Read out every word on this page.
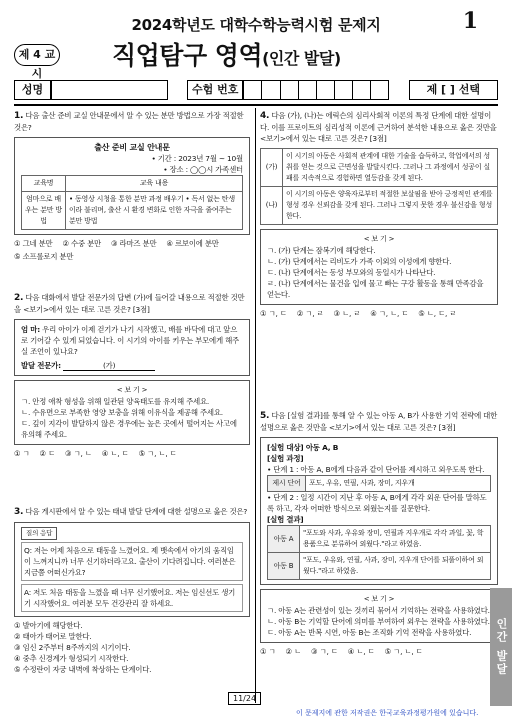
2024학년도 대학수학능력시험 문제지	1
제 4 교시
직업탐구 영역(인간 발달)
성명	수험 번호	제 [ ] 선택
1. 다음 출산 준비 교실 안내문에서 알 수 있는 분만 방법으로 가장 적절한 것은?
출산 준비 교실 안내문
• 기간 : 2023년 7월 ~ 10월
• 장소 : ◯◯시 가족센터
교육명	교육 내용
엄마으로 배우는 분만 방법	• 동영상 시청을 통한 분만 과정 배우기 • 독서 없는 탄생이라 불리며, 출산 시 환경 변화로 인한 자극을 줄여주는 분만 방법
① 그네 분만 ② 수중 분만 ③ 라마즈 분만 ④ 르보이에 분만
⑤ 소프롤로지 분만
2. 다음 대화에서 발달 전문가의 답변 (가)에 들어갈 내용으로 적절한 것만을 <보기>에서 있는 대로 고른 것은? [3점]
엄 마: 우리 아이가 이제 걷기가 나기 시작했고, 배를 바닥에 대고 앞으로 기어갈 수 있게 되었습니다. 이 시기의 아이를 키우는 부모에게 해주실 조언이 있나요?
발달 전문가:	(가)
< 보 기 >
ㄱ. 안정 애착 형성을 위해 일관된 양육태도를 유지해 주세요.
ㄴ. 수유면으로 부족한 영양 보충을 위해 이유식을 제공해 주세요.
ㄷ. 깊이 지각이 발달하지 않은 경우에는 높은 곳에서 떨어지는 사고에 유의해 주세요.
① ㄱ ② ㄷ ③ ㄱ, ㄴ ④ ㄴ, ㄷ ⑤ ㄱ, ㄴ, ㄷ
3. 다음 게시판에서 알 수 있는 태내 발달 단계에 대한 설명으로 옳은 것은?
질의 응답
Q: 저는 어제 처음으로 태동을 느꼈어요. 제 뱃속에서 아기의 움직임이 느껴지니까 너무 신기하더라고요. 출산이 기다려집니다. 여러분은 지금쯤 어떠신가요?
A: 저도 처음 태동을 느꼈을 때 너무 신기했어요. 저는 임신선도 생기기 시작했어요. 여러분 모두 건강관리 잘 하세요.
① 발아기에 해당한다.
② 태아가 태어로 말한다.
③ 임신 2주부터 8주까지의 시기이다.
④ 중추 신경계가 형성되기 시작한다.
⑤ 수정란이 자궁 내벽에 착상하는 단계이다.
4. 다음 (가), (나)는 에릭슨의 심리사회적 이론의 특정 단계에 대한 설명이다. 이를 프로이트의 심리성적 이론에 근거하여 분석한 내용으로 옳은 것만을 <보기>에서 있는 대로 고른 것은? [3점]
(가)	이 시기의 아동은 사회적 관계에 대한 기술을 습득하고, 학업에서의 성취를 얻는 것으로 근면성을 발달시킨다. 그러나 그 과정에서 성공이 실패를 지속적으로 경험하면 열등감을 갖게 된다.
(나)	이 시기의 아동은 양육자로부터 적절한 보살핌을 받아 긍정적인 관계를 형성 경우 신뢰감을 갖게 된다. 그러나 그렇지 못한 경우 불신감을 형성한다.
< 보 기 >
ㄱ. (가) 단계는 잠복기에 해당한다.
ㄴ. (가) 단계에서는 리비도가 가족 이외의 이성에게 향한다.
ㄷ. (나) 단계에서는 동성 부모와의 동일시가 나타난다.
ㄹ. (나) 단계에서는 물건을 입에 물고 빠는 구강 활동을 통해 만족감을 얻는다.
① ㄱ, ㄷ ② ㄱ, ㄹ ③ ㄴ, ㄹ ④ ㄱ, ㄴ, ㄷ ⑤ ㄴ, ㄷ, ㄹ
5. 다음 [실험 결과]를 통해 알 수 있는 아동 A, B가 사용한 기억 전략에 대한 설명으로 옳은 것만을 <보기>에서 있는 대로 고른 것은? [3점]
[실험 대상] 아동 A, B
[실험 과정]
• 단계 1 : 아동 A, B에게 다음과 같이 단어를 제시하고 외우도록 한다.
제시 단어	포도, 우유, 연필, 사과, 장미, 지우개
• 단계 2 : 일정 시간이 지난 후 아동 A, B에게 각각 외운 단어를 말하도록 하고, 각자 어떠한 방식으로 외웠는지를 질문한다.
[실험 결과]
아동 A	"포도와 사과, 우유와 장미, 연필과 지우개로 각각 과일, 꽃, 학용품으로 분류하여 외웠다."라고 하였음.
아동 B	"포도, 우유와, 연필, 사과, 장미, 지우개 단어를 되풀이하여 외웠다."라고 하였음.
< 보 기 >
ㄱ. 아동 A는 관련성이 있는 것끼리 묶어서 기억하는 전략을 사용하였다.
ㄴ. 아동 B는 기억할 단어에 의미를 부여하여 외우는 전략을 사용하였다.
ㄷ. 아동 A는 반복 시연, 아동 B는 조직화 기억 전략을 사용하였다.
① ㄱ ② ㄴ ③ ㄱ, ㄷ ④ ㄴ, ㄷ ⑤ ㄱ, ㄴ, ㄷ	인간 발달
11/24
이 문제지에 관한 저작권은 한국교육과정평가원에 있습니다.
